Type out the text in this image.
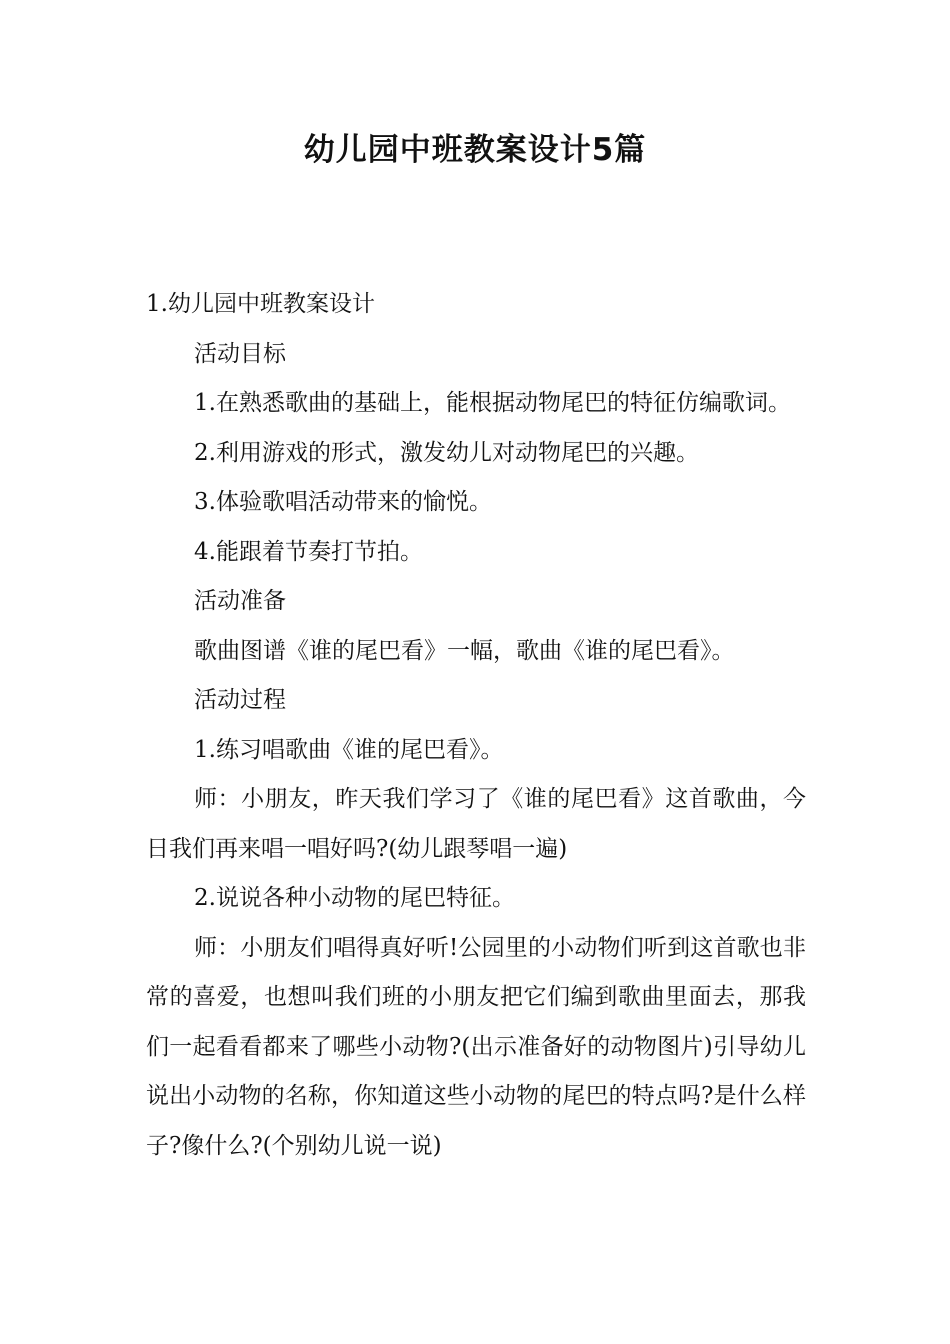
幼儿园中班教案设计5篇

1.幼儿园中班教案设计

活动目标

1.在熟悉歌曲的基础上，能根据动物尾巴的特征仿编歌词。

2.利用游戏的形式，激发幼儿对动物尾巴的兴趣。

3.体验歌唱活动带来的愉悦。

4.能跟着节奏打节拍。

活动准备

歌曲图谱《谁的尾巴看》一幅，歌曲《谁的尾巴看》。

活动过程

1.练习唱歌曲《谁的尾巴看》。

师：小朋友，昨天我们学习了《谁的尾巴看》这首歌曲，今日我们再来唱一唱好吗?(幼儿跟琴唱一遍)

2.说说各种小动物的尾巴特征。

师：小朋友们唱得真好听!公园里的小动物们听到这首歌也非常的喜爱，也想叫我们班的小朋友把它们编到歌曲里面去，那我们一起看看都来了哪些小动物?(出示准备好的动物图片)引导幼儿说出小动物的名称，你知道这些小动物的尾巴的特点吗?是什么样子?像什么?(个别幼儿说一说)
